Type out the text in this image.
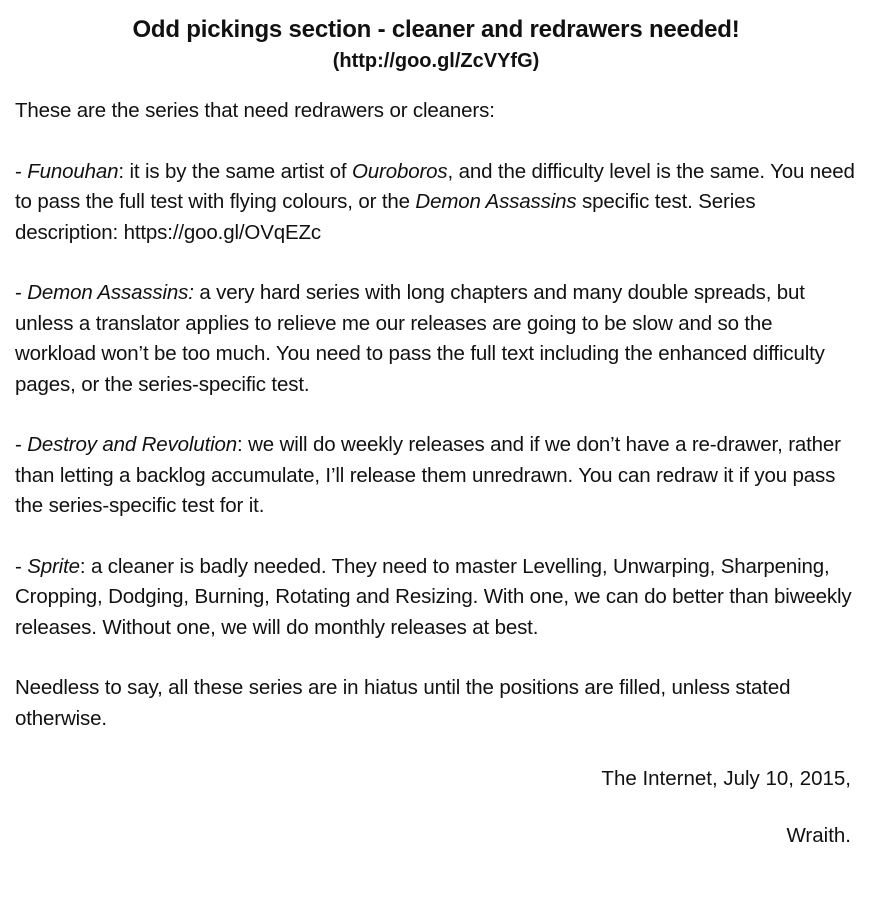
Odd pickings section - cleaner and redrawers needed!
(http://goo.gl/ZcVYfG)

These are the series that need redrawers or cleaners:

- Funouhan: it is by the same artist of Ouroboros, and the difficulty level is the same. You need to pass the full test with flying colours, or the Demon Assassins specific test. Series description: https://goo.gl/OVqEZc

- Demon Assassins: a very hard series with long chapters and many double spreads, but unless a translator applies to relieve me our releases are going to be slow and so the workload won’t be too much. You need to pass the full text including the enhanced difficulty pages, or the series-specific test.

- Destroy and Revolution: we will do weekly releases and if we don’t have a re-drawer, rather than letting a backlog accumulate, I’ll release them unredrawn. You can redraw it if you pass the series-specific test for it.

- Sprite: a cleaner is badly needed. They need to master Levelling, Unwarping, Sharpening, Cropping, Dodging, Burning, Rotating and Resizing. With one, we can do better than biweekly releases. Without one, we will do monthly releases at best.

Needless to say, all these series are in hiatus until the positions are filled, unless stated otherwise.

The Internet, July 10, 2015,

Wraith.
